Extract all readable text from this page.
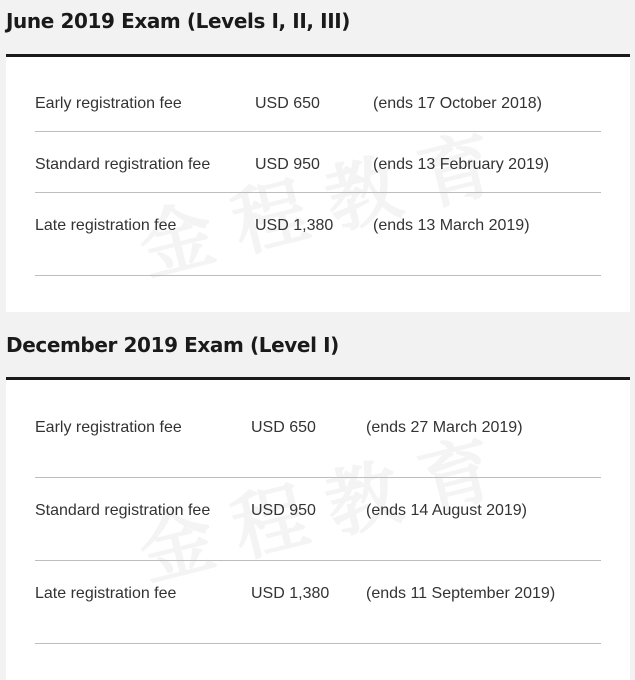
June 2019 Exam (Levels I, II, III)
Early registration fee	USD 650	(ends 17 October 2018)
Standard registration fee	USD 950	(ends 13 February 2019)
Late registration fee	USD 1,380 (ends 13 March 2019)
December 2019 Exam (Level I)
Early registration fee	USD 650	(ends 27 March 2019)
Standard registration fee	USD 950	(ends 14 August 2019)
Late registration fee	USD 1,380 (ends 11 September 2019)
